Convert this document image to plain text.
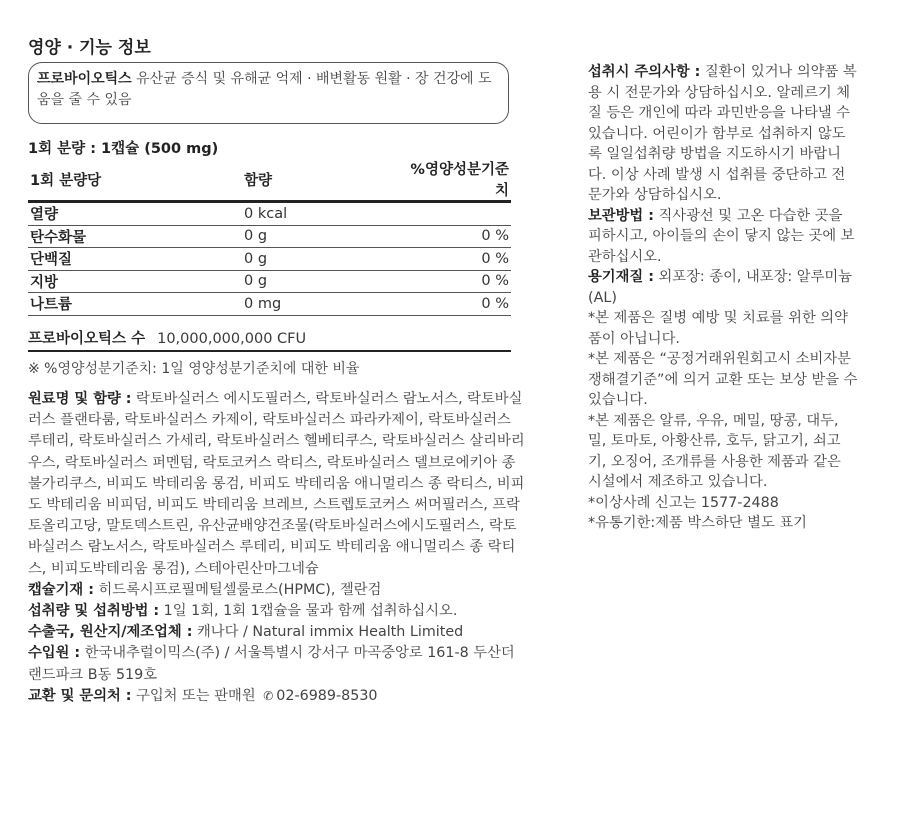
영양 · 기능 정보
프로바이오틱스 유산균 증식 및 유해균 억제 · 배변활동 원활 · 장 건강에 도움을 줄 수 있음
1회 분량 : 1캡슐 (500 mg)
1회 분량당	함량	%영양성분기준치
열량	0 kcal	
탄수화물	0 g	0 %
단백질	0 g	0 %
지방	0 g	0 %
나트륨	0 mg	0 %
프로바이오틱스 수 10,000,000,000 CFU
※ %영양성분기준치: 1일 영양성분기준치에 대한 비율

원료명 및 함량 : 락토바실러스 에시도필러스, 락토바실러스 람노서스, 락토바실러스 플랜타룸, 락토바실러스 카제이, 락토바실러스 파라카제이, 락토바실러스 루테리, 락토바실러스 가세리, 락토바실러스 헬베티쿠스, 락토바실러스 살리바리우스, 락토바실러스 퍼멘텀, 락토코커스 락티스, 락토바실러스 델브로에키아 종 불가리쿠스, 비피도 박테리움 롱검, 비피도 박테리움 애니멀리스 종 락티스, 비피도 박테리움 비피덤, 비피도 박테리움 브레브, 스트렙토코커스 써머필러스, 프락토올리고당, 말토덱스트린, 유산균배양건조물(락토바실러스에시도필러스, 락토바실러스 람노서스, 락토바실러스 루테리, 비피도 박테리움 애니멀리스 종 락티스, 비피도박테리움 롱검), 스테아린산마그네슘

캡슐기재 : 히드록시프로필메틸셀룰로스(HPMC), 젤란검

섭취량 및 섭취방법 : 1일 1회, 1회 1캡슐을 물과 함께 섭취하십시오.

수출국, 원산지/제조업체 : 캐나다 / Natural immix Health Limited

수입원 : 한국내추럴이믹스(주) / 서울특별시 강서구 마곡중앙로 161-8 두산더랜드파크 B동 519호

교환 및 문의처 : 구입처 또는 판매원 ✆ 02-6989-8530

섭취시 주의사항 : 질환이 있거나 의약품 복용 시 전문가와 상담하십시오. 알레르기 체질 등은 개인에 따라 과민반응을 나타낼 수 있습니다. 어린이가 함부로 섭취하지 않도록 일일섭취량 방법을 지도하시기 바랍니다. 이상 사례 발생 시 섭취를 중단하고 전문가와 상담하십시오.

보관방법 : 직사광선 및 고온 다습한 곳을 피하시고, 아이들의 손이 닿지 않는 곳에 보관하십시오.

용기재질 : 외포장: 종이, 내포장: 알루미늄(AL)

*본 제품은 질병 예방 및 치료를 위한 의약품이 아닙니다.

*본 제품은 “공정거래위원회고시 소비자분쟁해결기준”에 의거 교환 또는 보상 받을 수 있습니다.

*본 제품은 알류, 우유, 메밀, 땅콩, 대두, 밀, 토마토, 아황산류, 호두, 닭고기, 쇠고기, 오징어, 조개류를 사용한 제품과 같은 시설에서 제조하고 있습니다.

*이상사례 신고는 1577-2488

*유통기한:제품 박스하단 별도 표기
